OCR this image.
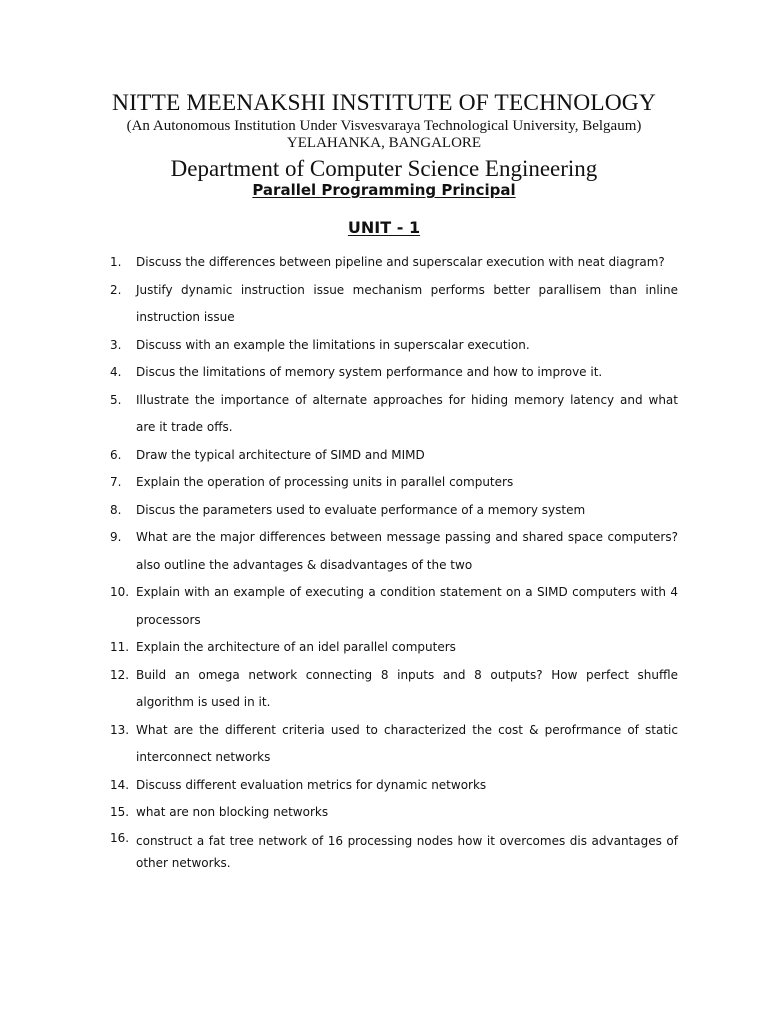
NITTE MEENAKSHI INSTITUTE OF TECHNOLOGY
(An Autonomous Institution Under Visvesvaraya Technological University, Belgaum)
YELAHANKA, BANGALORE
Department of Computer Science Engineering
Parallel Programming Principal
UNIT - 1
1.	Discuss the differences between pipeline and superscalar execution with neat diagram?
2.	Justify dynamic instruction issue mechanism performs better parallisem than inline instruction issue
3.	Discuss with an example the limitations in superscalar execution.
4.	Discus the limitations of memory system performance and how to improve it.
5.	Illustrate the importance of alternate approaches for hiding memory latency and what are it trade offs.
6.	Draw the typical architecture of SIMD and MIMD
7.	Explain the operation of processing units in parallel computers
8.	Discus the parameters used to evaluate performance of a memory system
9.	What are the major differences between message passing and shared space computers? also outline the advantages & disadvantages of the two
10. Explain with an example of executing a condition statement on a SIMD computers with 4 processors
11. Explain the architecture of an idel parallel computers
12. Build an omega network connecting 8 inputs and 8 outputs? How perfect shuffle algorithm is used in it.
13. What are the different criteria used to characterized the cost & perofrmance of static interconnect networks
14. Discuss different evaluation metrics for dynamic networks
15. what are non blocking networks
16. construct a fat tree network of 16 processing nodes how it overcomes dis advantages of other networks.
